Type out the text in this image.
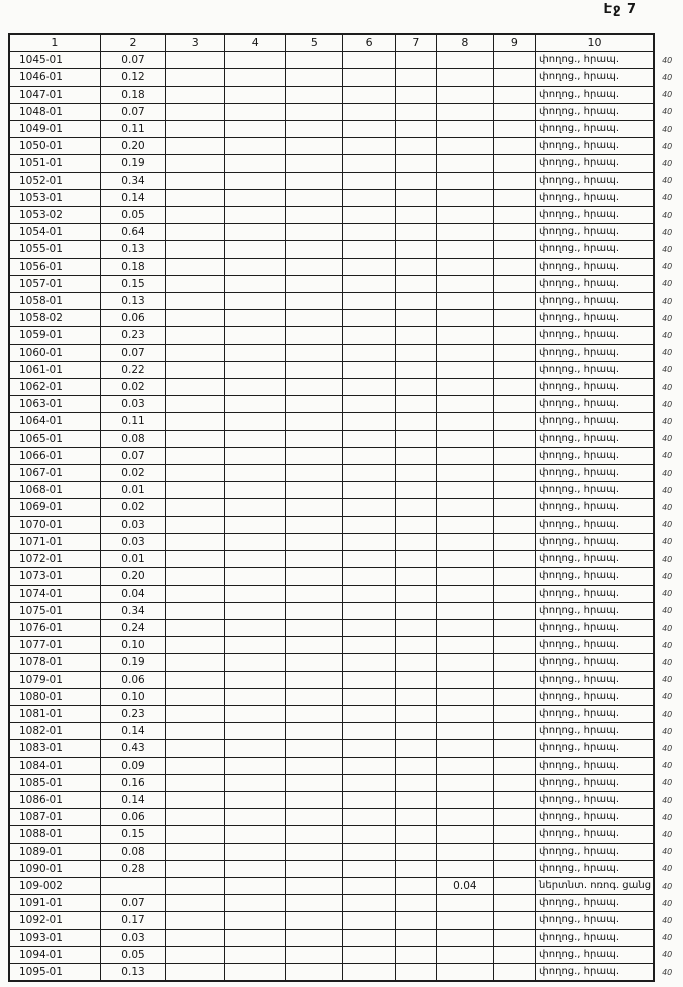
Էջ 7
1	2	3	4	5	6	7	8	9	10	
1045-01	0.07								փողոց., հրապ.	40
1046-01	0.12								փողոց., հրապ.	40
1047-01	0.18								փողոց., հրապ.	40
1048-01	0.07								փողոց., հրապ.	40
1049-01	0.11								փողոց., հրապ.	40
1050-01	0.20								փողոց., հրապ.	40
1051-01	0.19								փողոց., հրապ.	40
1052-01	0.34								փողոց., հրապ.	40
1053-01	0.14								փողոց., հրապ.	40
1053-02	0.05								փողոց., հրապ.	40
1054-01	0.64								փողոց., հրապ.	40
1055-01	0.13								փողոց., հրապ.	40
1056-01	0.18								փողոց., հրապ.	40
1057-01	0.15								փողոց., հրապ.	40
1058-01	0.13								փողոց., հրապ.	40
1058-02	0.06								փողոց., հրապ.	40
1059-01	0.23								փողոց., հրապ.	40
1060-01	0.07								փողոց., հրապ.	40
1061-01	0.22								փողոց., հրապ.	40
1062-01	0.02								փողոց., հրապ.	40
1063-01	0.03								փողոց., հրապ.	40
1064-01	0.11								փողոց., հրապ.	40
1065-01	0.08								փողոց., հրապ.	40
1066-01	0.07								փողոց., հրապ.	40
1067-01	0.02								փողոց., հրապ.	40
1068-01	0.01								փողոց., հրապ.	40
1069-01	0.02								փողոց., հրապ.	40
1070-01	0.03								փողոց., հրապ.	40
1071-01	0.03								փողոց., հրապ.	40
1072-01	0.01								փողոց., հրապ.	40
1073-01	0.20								փողոց., հրապ.	40
1074-01	0.04								փողոց., հրապ.	40
1075-01	0.34								փողոց., հրապ.	40
1076-01	0.24								փողոց., հրապ.	40
1077-01	0.10								փողոց., հրապ.	40
1078-01	0.19								փողոց., հրապ.	40
1079-01	0.06								փողոց., հրապ.	40
1080-01	0.10								փողոց., հրապ.	40
1081-01	0.23								փողոց., հրապ.	40
1082-01	0.14								փողոց., հրապ.	40
1083-01	0.43								փողոց., հրապ.	40
1084-01	0.09								փողոց., հրապ.	40
1085-01	0.16								փողոց., հրապ.	40
1086-01	0.14								փողոց., հրապ.	40
1087-01	0.06								փողոց., հրապ.	40
1088-01	0.15								փողոց., հրապ.	40
1089-01	0.08								փողոց., հրապ.	40
1090-01	0.28								փողոց., հրապ.	40
109-002							0.04		ներտնտ. ոռոգ. ցանց	40
1091-01	0.07								փողոց., հրապ.	40
1092-01	0.17								փողոց., հրապ.	40
1093-01	0.03								փողոց., հրապ.	40
1094-01	0.05								փողոց., հրապ.	40
1095-01	0.13								փողոց., հրապ.	40
